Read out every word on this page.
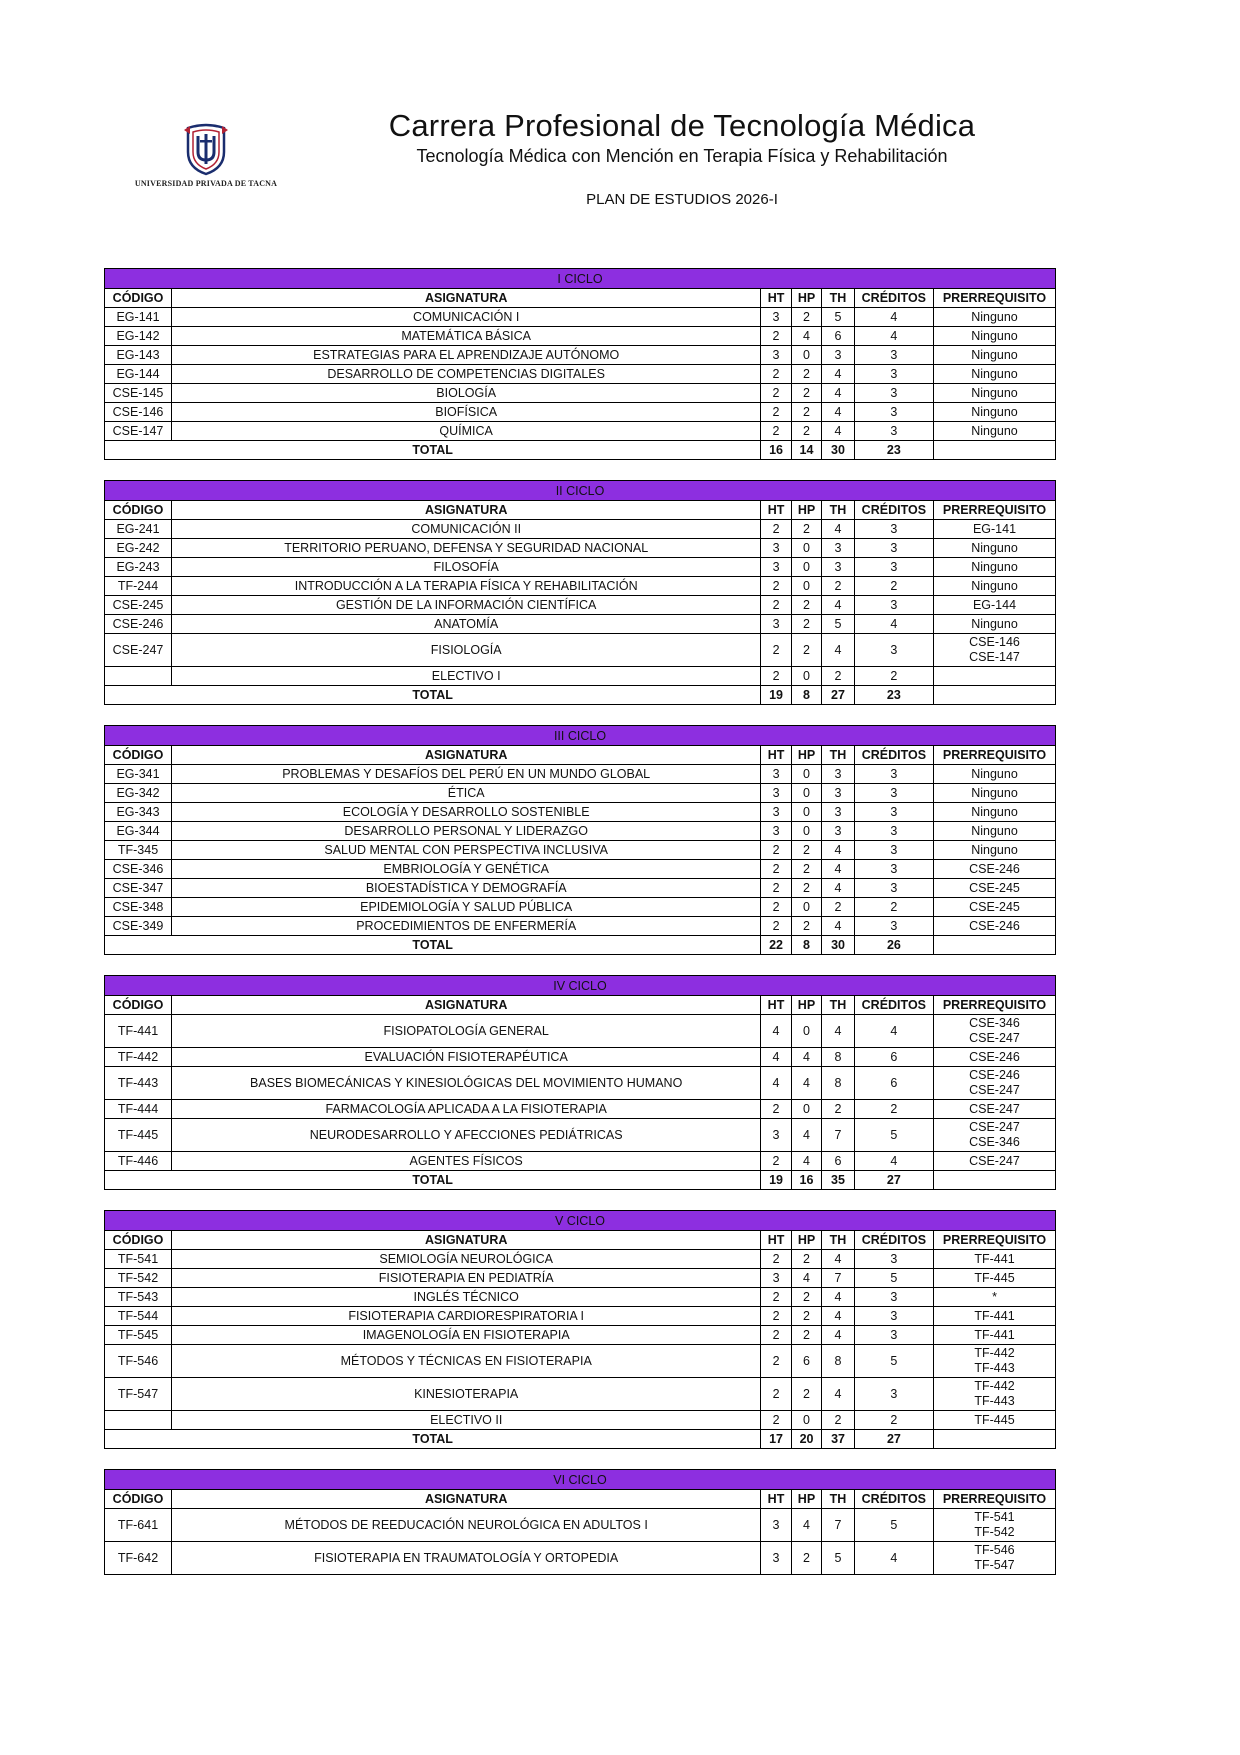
UNIVERSIDAD PRIVADA DE TACNA
Carrera Profesional de Tecnología Médica
Tecnología Médica con Mención en Terapia Física y Rehabilitación
PLAN DE ESTUDIOS 2026-I
I CICLO						
CÓDIGO	ASIGNATURA	HT	HP	TH	CRÉDITOS	PRERREQUISITO
EG-141	COMUNICACIÓN I	3	2	5	4	Ninguno

EG-142	MATEMÁTICA BÁSICA	2	4	6	4	Ninguno

EG-143	ESTRATEGIAS PARA EL APRENDIZAJE AUTÓNOMO	3	0	3	3	Ninguno

EG-144	DESARROLLO DE COMPETENCIAS DIGITALES	2	2	4	3	Ninguno

CSE-145	BIOLOGÍA	2	2	4	3	Ninguno

CSE-146	BIOFÍSICA	2	2	4	3	Ninguno

CSE-147	QUÍMICA	2	2	4	3	Ninguno

TOTAL		16	14	30	23	
II CICLO						
CÓDIGO	ASIGNATURA	HT	HP	TH	CRÉDITOS	PRERREQUISITO
EG-241	COMUNICACIÓN II	2	2	4	3	EG-141

EG-242	TERRITORIO PERUANO, DEFENSA Y SEGURIDAD NACIONAL	3	0	3	3	Ninguno

EG-243	FILOSOFÍA	3	0	3	3	Ninguno

TF-244	INTRODUCCIÓN A LA TERAPIA FÍSICA Y REHABILITACIÓN	2	0	2	2	Ninguno

CSE-245	GESTIÓN DE LA INFORMACIÓN CIENTÍFICA	2	2	4	3	EG-144

CSE-246	ANATOMÍA	3	2	5	4	Ninguno

CSE-247	FISIOLOGÍA	2	2	4	3	CSE-146
CSE-147

	ELECTIVO I	2	0	2	2	
TOTAL		19	8	27	23	
III CICLO						
CÓDIGO	ASIGNATURA	HT	HP	TH	CRÉDITOS	PRERREQUISITO
EG-341	PROBLEMAS Y DESAFÍOS DEL PERÚ EN UN MUNDO GLOBAL	3	0	3	3	Ninguno

EG-342	ÉTICA	3	0	3	3	Ninguno

EG-343	ECOLOGÍA Y DESARROLLO SOSTENIBLE	3	0	3	3	Ninguno

EG-344	DESARROLLO PERSONAL Y LIDERAZGO	3	0	3	3	Ninguno

TF-345	SALUD MENTAL CON PERSPECTIVA INCLUSIVA	2	2	4	3	Ninguno

CSE-346	EMBRIOLOGÍA Y GENÉTICA	2	2	4	3	CSE-246

CSE-347	BIOESTADÍSTICA Y DEMOGRAFÍA	2	2	4	3	CSE-245

CSE-348	EPIDEMIOLOGÍA Y SALUD PÚBLICA	2	0	2	2	CSE-245

CSE-349	PROCEDIMIENTOS DE ENFERMERÍA	2	2	4	3	CSE-246

TOTAL		22	8	30	26	
IV CICLO						
CÓDIGO	ASIGNATURA	HT	HP	TH	CRÉDITOS	PRERREQUISITO
TF-441	FISIOPATOLOGÍA GENERAL	4	0	4	4	CSE-346
CSE-247

TF-442	EVALUACIÓN FISIOTERAPÉUTICA	4	4	8	6	CSE-246

TF-443	BASES BIOMECÁNICAS Y KINESIOLÓGICAS DEL MOVIMIENTO HUMANO	4	4	8	6	CSE-246
CSE-247

TF-444	FARMACOLOGÍA APLICADA A LA FISIOTERAPIA	2	0	2	2	CSE-247

TF-445	NEURODESARROLLO Y AFECCIONES PEDIÁTRICAS	3	4	7	5	CSE-247
CSE-346

TF-446	AGENTES FÍSICOS	2	4	6	4	CSE-247

TOTAL		19	16	35	27	
V CICLO						
CÓDIGO	ASIGNATURA	HT	HP	TH	CRÉDITOS	PRERREQUISITO
TF-541	SEMIOLOGÍA NEUROLÓGICA	2	2	4	3	TF-441

TF-542	FISIOTERAPIA EN PEDIATRÍA	3	4	7	5	TF-445

TF-543	INGLÉS TÉCNICO	2	2	4	3	*

TF-544	FISIOTERAPIA CARDIORESPIRATORIA I	2	2	4	3	TF-441

TF-545	IMAGENOLOGÍA EN FISIOTERAPIA	2	2	4	3	TF-441

TF-546	MÉTODOS Y TÉCNICAS EN FISIOTERAPIA	2	6	8	5	TF-442
TF-443

TF-547	KINESIOTERAPIA	2	2	4	3	TF-442
TF-443

	ELECTIVO II	2	0	2	2	TF-445

TOTAL		17	20	37	27	
VI CICLO						
CÓDIGO	ASIGNATURA	HT	HP	TH	CRÉDITOS	PRERREQUISITO
TF-641	MÉTODOS DE REEDUCACIÓN NEUROLÓGICA EN ADULTOS I	3	4	7	5	TF-541
TF-542

TF-642	FISIOTERAPIA EN TRAUMATOLOGÍA Y ORTOPEDIA	3	2	5	4	TF-546
TF-547
